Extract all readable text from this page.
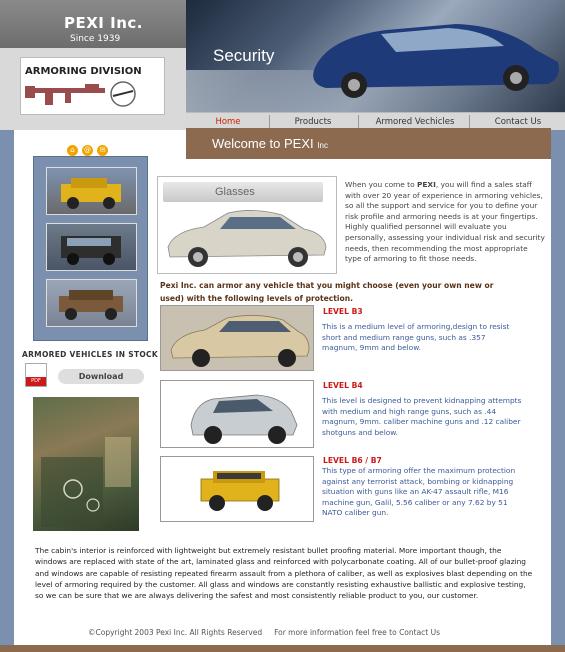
PEXI Inc.
Since 1939
ARMORING DIVISION
Security
Home	Products	Armored Vechicles	Contact Us
Welcome to PEXI Inc
⌂ @ ✉
ARMORED VEHICLES IN STOCK
PDF	Download
Glasses
When you come to PEXI, you will find a sales staff with over 20 year of experience in armoring vehicles, so all the support and service for you to define your risk profile and armoring needs is at your fingertips. Highly qualified personnel will evaluate you personally, assessing your individual risk and security needs, then recommending the most appropriate type of armoring to fit those needs.
Pexi Inc. can armor any vehicle that you might choose (even your own new or used) with the following levels of protection.
LEVEL B3
This is a medium level of armoring,design to resist short and medium range guns, such as .357 magnum, 9mm and below.
LEVEL B4
This level is designed to prevent kidnapping attempts with medium and high range guns, such as .44 magnum, 9mm. caliber machine guns and .12 caliber shotguns and below.
LEVEL B6 / B7
This type of armoring offer the maximum protection against any terrorist attack, bombing or kidnapping situation with guns like an AK-47 assault rifle, M16 machine gun, Galil, 5.56 caliber or any 7.62 by 51 NATO caliber gun.
The cabin's interior is reinforced with lightweight but extremely resistant bullet proofing material. More important though, the windows are replaced with state of the art, laminated glass and reinforced with polycarbonate coating. All of our bullet-proof glazing and windows are capable of resisting repeated firearm assault from a plethora of caliber, as well as explosives blast depending on the level of armoring required by the customer. All glass and windows are constantly resisting exhaustive ballistic and explosive testing, so we can be sure that we are always delivering the safest and most consistently reliable product to you, our customer.
©Copyright 2003 Pexi Inc. All Rights Reserved For more information feel free to Contact Us
